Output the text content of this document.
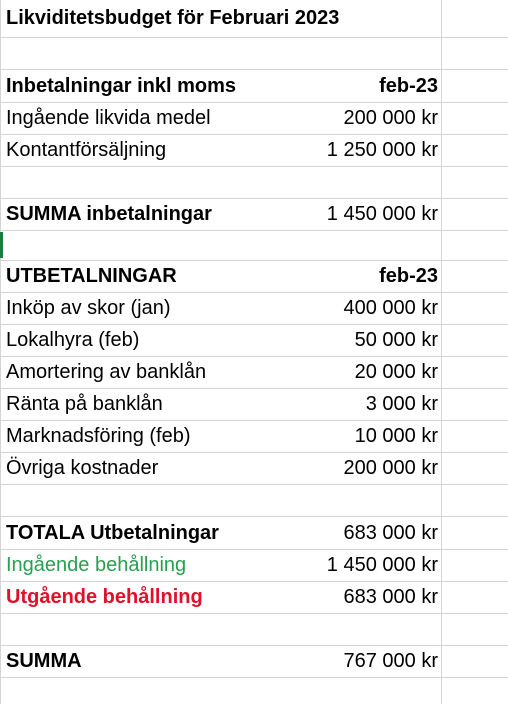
Likviditetsbudget för Februari 2023
Inbetalningar inkl moms	feb-23
Ingående likvida medel	200 000 kr
Kontantförsäljning	1 250 000 kr
SUMMA inbetalningar	1 450 000 kr
UTBETALNINGAR	feb-23
Inköp av skor (jan)	400 000 kr
Lokalhyra (feb)	50 000 kr
Amortering av banklån	20 000 kr
Ränta på banklån	3 000 kr
Marknadsföring (feb)	10 000 kr
Övriga kostnader	200 000 kr
TOTALA Utbetalningar	683 000 kr
Ingående behållning	1 450 000 kr
Utgående behållning	683 000 kr
SUMMA	767 000 kr
